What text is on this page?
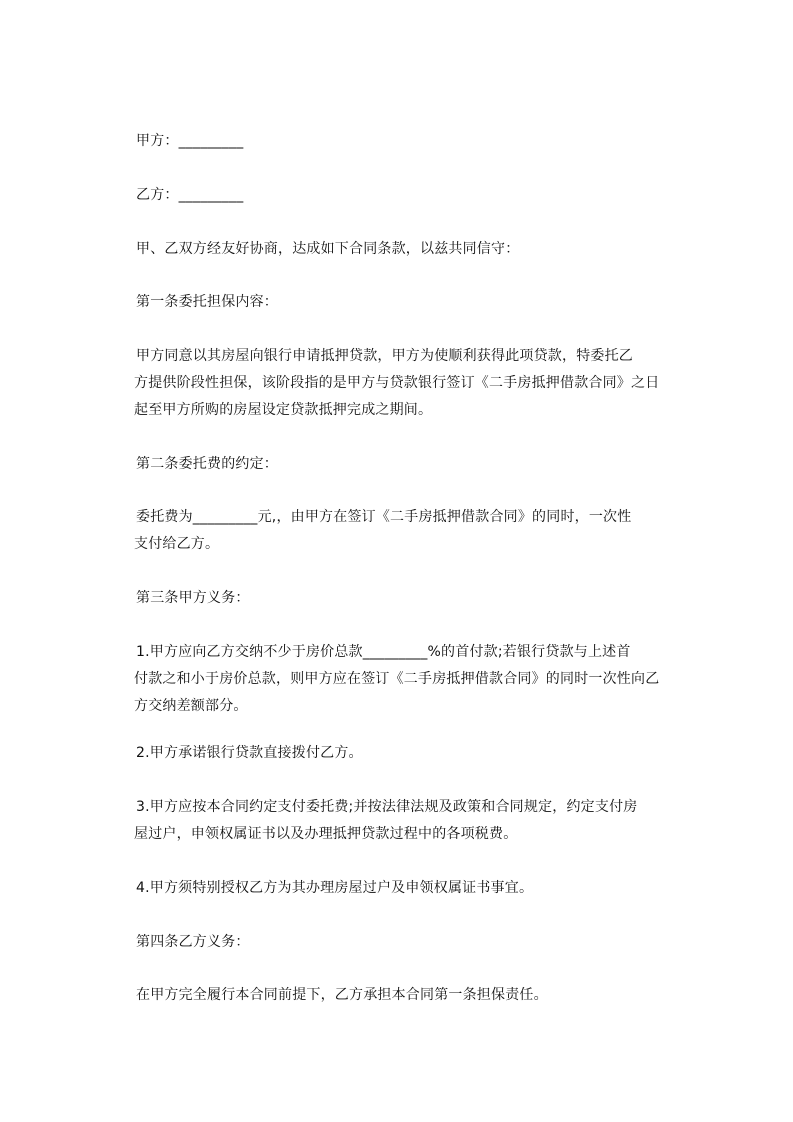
甲方：_________
乙方：_________
甲、乙双方经友好协商，达成如下合同条款，以兹共同信守：
第一条委托担保内容：
甲方同意以其房屋向银行申请抵押贷款，甲方为使顺利获得此项贷款，特委托乙
方提供阶段性担保，该阶段指的是甲方与贷款银行签订《二手房抵押借款合同》之日
起至甲方所购的房屋设定贷款抵押完成之期间。
第二条委托费的约定：
委托费为_________元,，由甲方在签订《二手房抵押借款合同》的同时，一次性
支付给乙方。
第三条甲方义务：
1.甲方应向乙方交纳不少于房价总款_________%的首付款;若银行贷款与上述首
付款之和小于房价总款，则甲方应在签订《二手房抵押借款合同》的同时一次性向乙
方交纳差额部分。
2.甲方承诺银行贷款直接拨付乙方。
3.甲方应按本合同约定支付委托费;并按法律法规及政策和合同规定，约定支付房
屋过户，申领权属证书以及办理抵押贷款过程中的各项税费。
4.甲方须特别授权乙方为其办理房屋过户及申领权属证书事宜。
第四条乙方义务：
在甲方完全履行本合同前提下，乙方承担本合同第一条担保责任。
